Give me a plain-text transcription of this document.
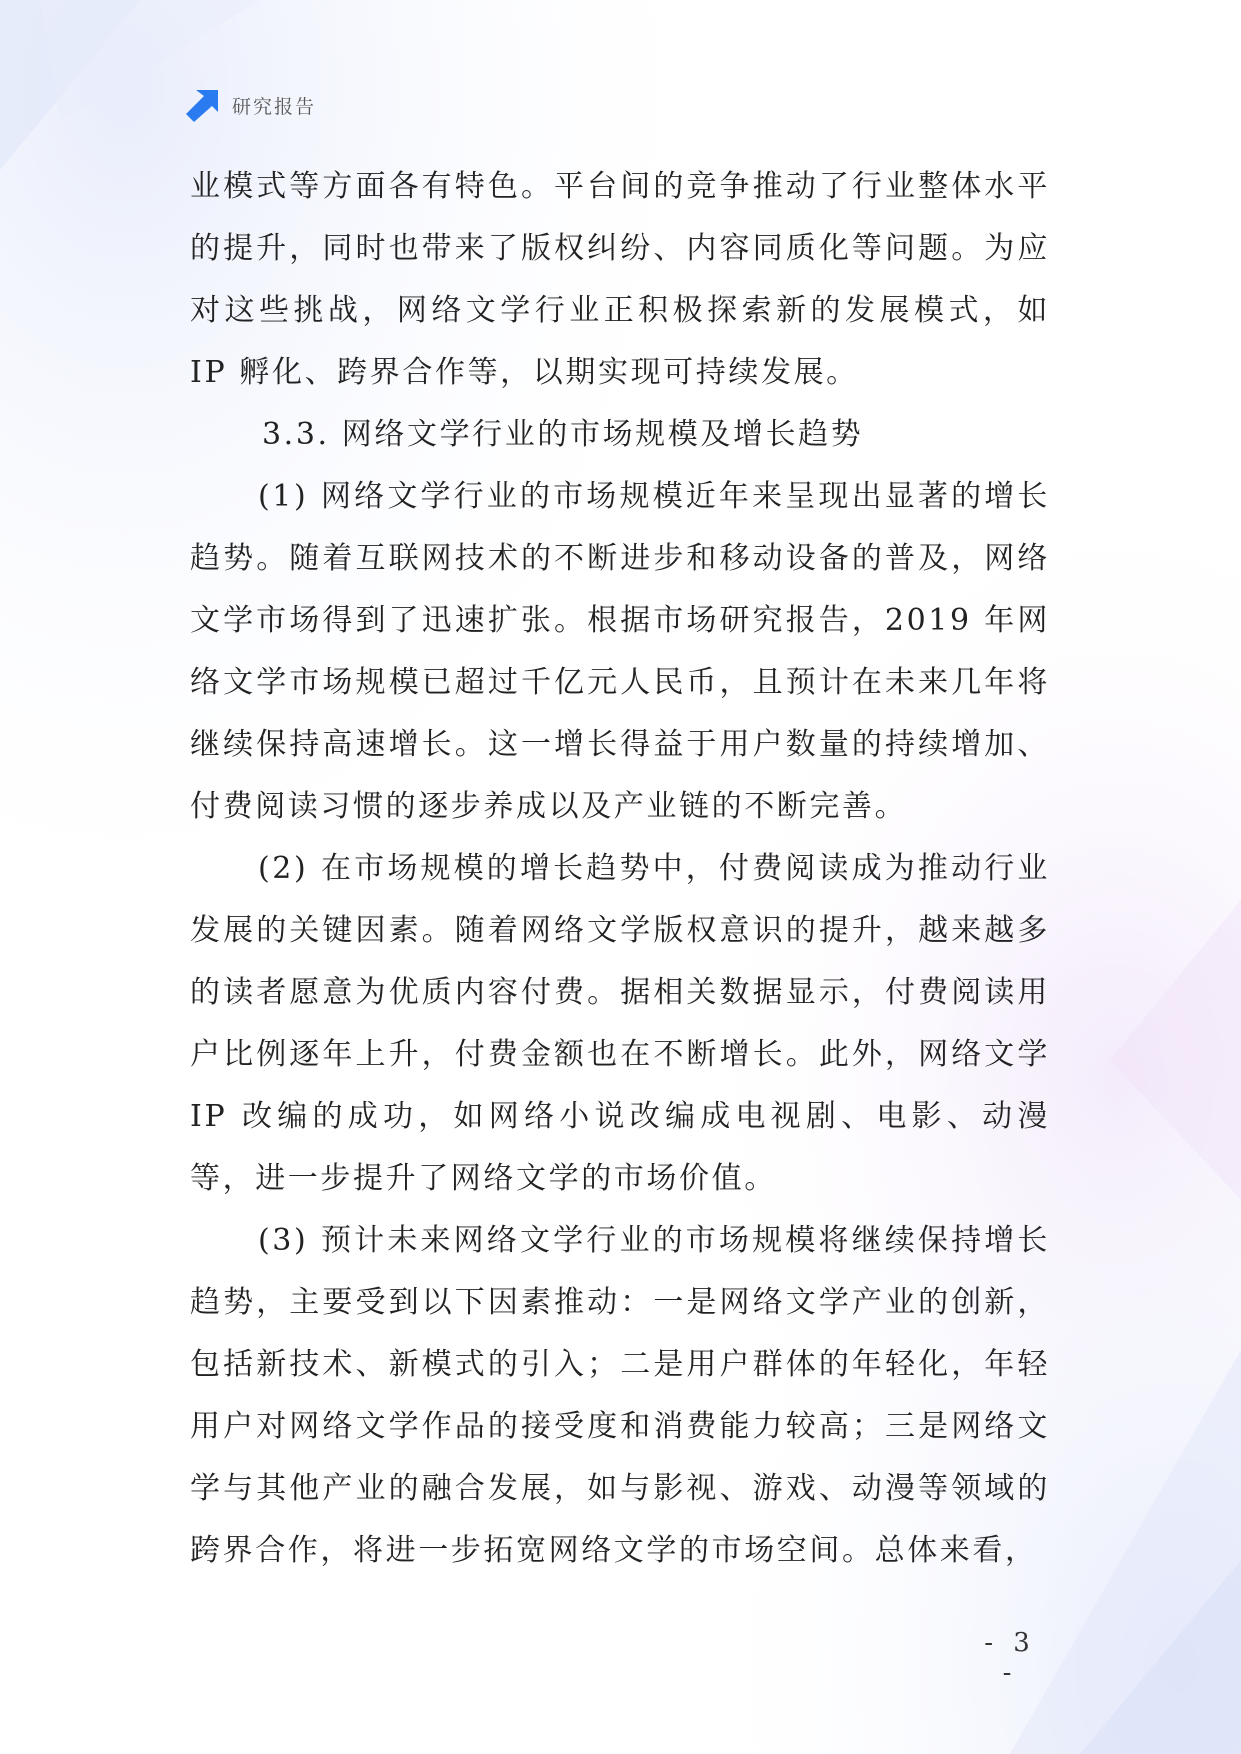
研究报告

业模式等方面各有特色。平台间的竞争推动了行业整体水平的提升，同时也带来了版权纠纷、内容同质化等问题。为应对这些挑战，网络文学行业正积极探索新的发展模式，如 IP 孵化、跨界合作等，以期实现可持续发展。

3.3. 网络文学行业的市场规模及增长趋势

(1) 网络文学行业的市场规模近年来呈现出显著的增长趋势。随着互联网技术的不断进步和移动设备的普及，网络文学市场得到了迅速扩张。根据市场研究报告，2019 年网络文学市场规模已超过千亿元人民币，且预计在未来几年将继续保持高速增长。这一增长得益于用户数量的持续增加、付费阅读习惯的逐步养成以及产业链的不断完善。

(2) 在市场规模的增长趋势中，付费阅读成为推动行业发展的关键因素。随着网络文学版权意识的提升，越来越多的读者愿意为优质内容付费。据相关数据显示，付费阅读用户比例逐年上升，付费金额也在不断增长。此外，网络文学 IP 改编的成功，如网络小说改编成电视剧、电影、动漫等，进一步提升了网络文学的市场价值。

(3) 预计未来网络文学行业的市场规模将继续保持增长趋势，主要受到以下因素推动：一是网络文学产业的创新，包括新技术、新模式的引入；二是用户群体的年轻化，年轻用户对网络文学作品的接受度和消费能力较高；三是网络文学与其他产业的融合发展，如与影视、游戏、动漫等领域的跨界合作，将进一步拓宽网络文学的市场空间。总体来看，

- 3 -
